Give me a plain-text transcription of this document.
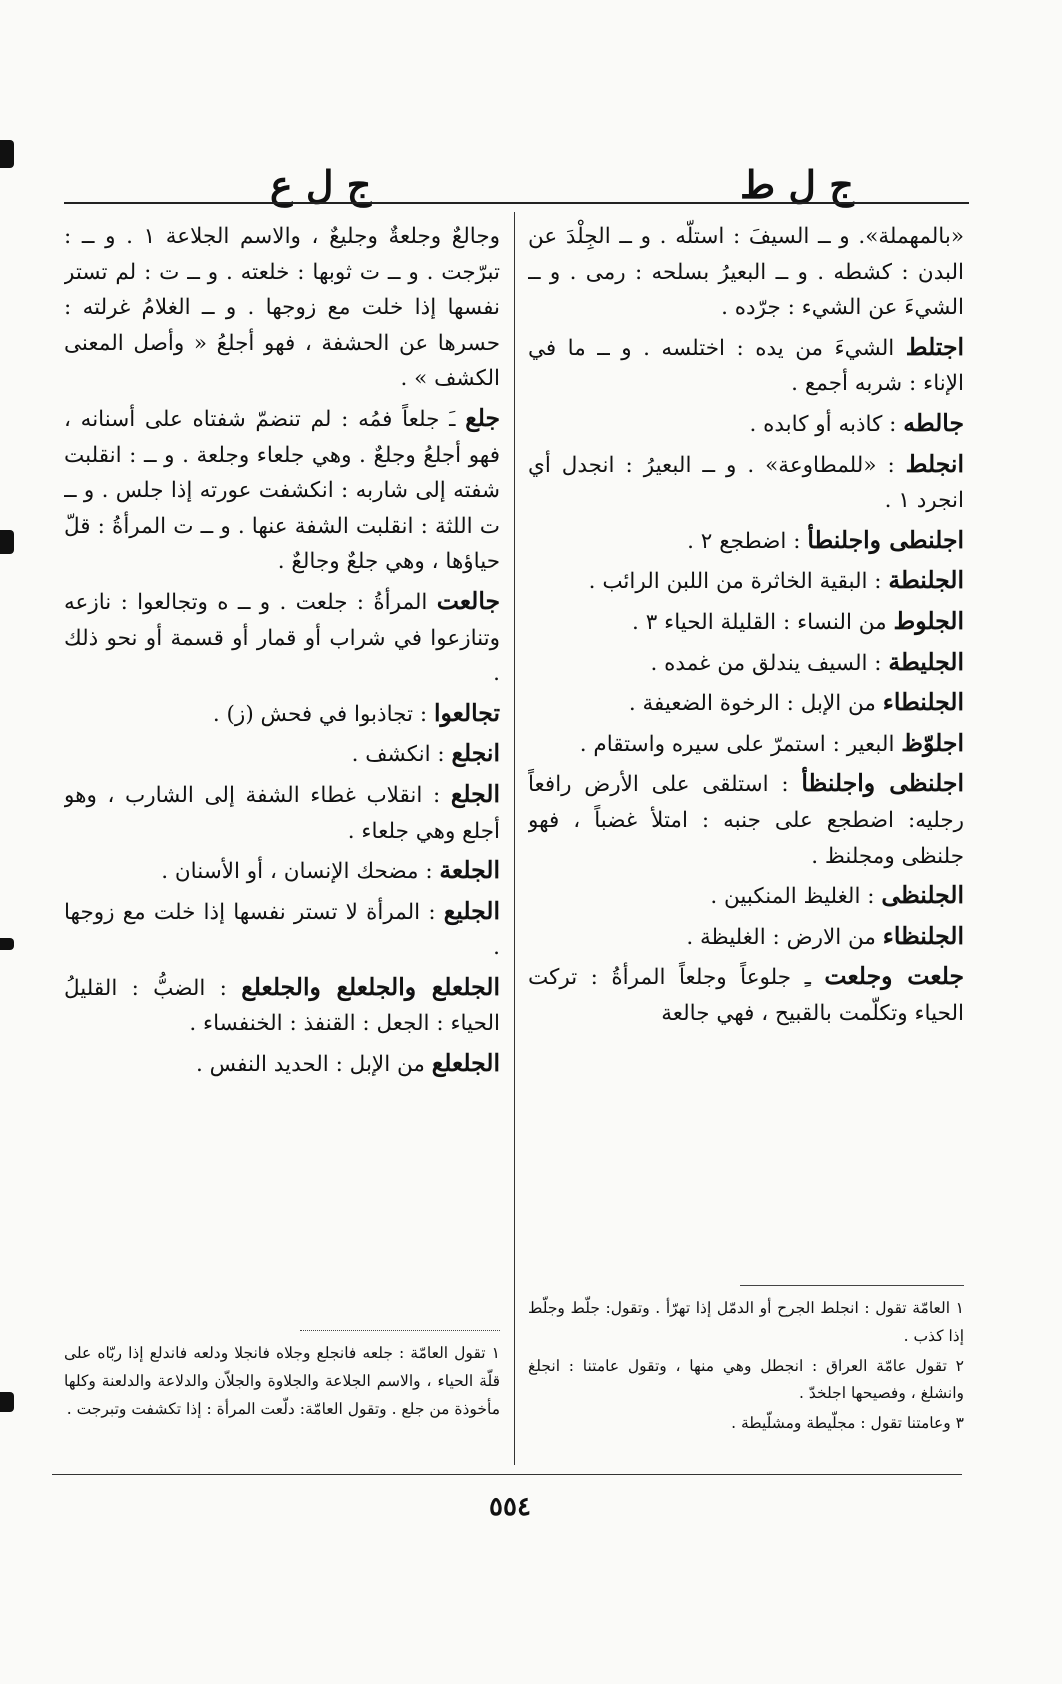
ج ل ط
ج ل ع

«بالمهملة». و ــ السيفَ : استلّه . و ــ الجِلْدَ عن البدن : كشطه . و ــ البعيرُ بسلحه : رمى . و ــ الشيءَ عن الشيء : جرّده .

اجتلط الشيءَ من يده : اختلسه . و ــ ما في الإناء : شربه أجمع .

جالطه : كاذبه أو كابده .

انجلط : «للمطاوعة» . و ــ البعيرُ : انجدل أي انجرد ١ .

اجلنطى واجلنطأ : اضطجع ٢ .

الجلنطة : البقية الخاثرة من اللبن الرائب .

الجلوط من النساء : القليلة الحياء ٣ .

الجليطة : السيف يندلق من غمده .

الجلنطاء من الإبل : الرخوة الضعيفة .

اجلوّظ البعير : استمرّ على سيره واستقام .

اجلنظى واجلنظأ : استلقى على الأرض رافعاً رجليه: اضطجع على جنبه : امتلأ غضباً ، فهو جلنظى ومجلنظ .

الجلنظى : الغليظ المنكبين .

الجلنظاء من الارض : الغليظة .

جلعت وجلعت ـِ جلوعاً وجلعاً المرأةُ : تركت الحياء وتكلّمت بالقبيح ، فهي جالعة

وجالعٌ وجلعةٌ وجليعٌ ، والاسم الجلاعة ١ . و ــ : تبرّجت . و ــ ت ثوبها : خلعته . و ــ ت : لم تستر نفسها إذا خلت مع زوجها . و ــ الغلامُ غرلته : حسرها عن الحشفة ، فهو أجلعُ « وأصل المعنى الكشف » .

جلع ـَ جلعاً فمُه : لم تنضمّ شفتاه على أسنانه ، فهو أجلعُ وجلعٌ . وهي جلعاء وجلعة . و ــ : انقلبت شفته إلى شاربه : انكشفت عورته إذا جلس . و ــ ت اللثة : انقلبت الشفة عنها . و ــ ت المرأةُ : قلّ حياؤها ، وهي جلعٌ وجالعٌ .

جالعت المرأةُ : جلعت . و ــ ه وتجالعوا : نازعه وتنازعوا في شراب أو قمار أو قسمة أو نحو ذلك .

تجالعوا : تجاذبوا في فحش (ز) .

انجلع : انكشف .

الجلع : انقلاب غطاء الشفة إلى الشارب ، وهو أجلع وهي جلعاء .

الجلعة : مضحك الإنسان ، أو الأسنان .

الجليع : المرأة لا تستر نفسها إذا خلت مع زوجها .

الجلعلع والجلعلع والجلعلع : الضبُّ : القليلُ الحياء : الجعل : القنفذ : الخنفساء .

الجلعلع من الإبل : الحديد النفس .

١ العامّة تقول : انجلط الجرح أو الدمّل إذا تهرّأ . وتقول: جلّط وجلّط إذا كذب .

٢ تقول عامّة العراق : انجطل وهي منها ، وتقول عامتنا : انجلغ وانشلغ ، وفصيحها اجلخدّ .

٣ وعامتنا تقول : مجلّيطة ومشلّيطة .

١ تقول العامّة : جلعه فانجلع وجلاه فانجلا ودلعه فاندلع إذا ربّاه على قلّة الحياء ، والاسم الجلاعة والجلاوة والجلاّن والدلاعة والدلعنة وكلها مأخوذة من جلع . وتقول العامّة: دلّعت المرأة : إذا تكشفت وتبرجت .

٥٥٤
